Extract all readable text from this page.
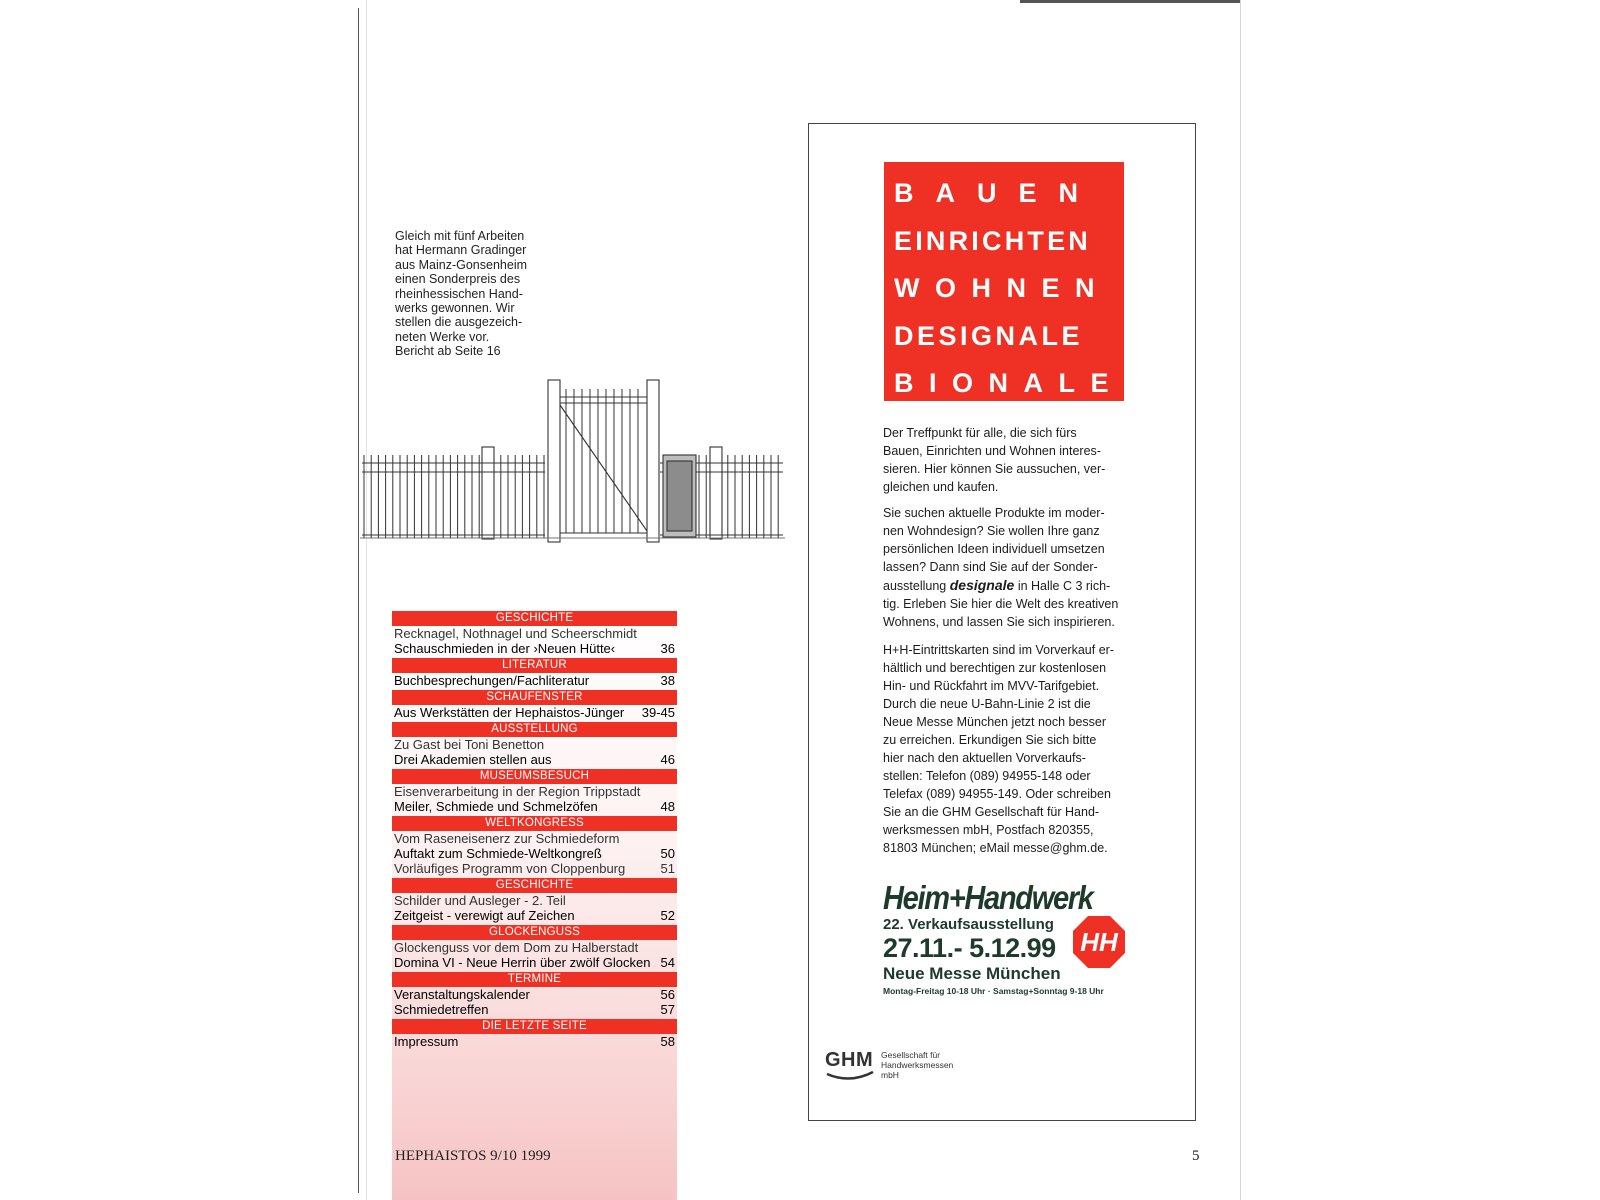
Gleich mit fünf Arbeiten
hat Hermann Gradinger
aus Mainz-Gonsenheim
einen Sonderpreis des
rheinhessischen Hand-
werks gewonnen. Wir
stellen die ausgezeich-
neten Werke vor.
Bericht ab Seite 16
GESCHICHTE
Recknagel, Nothnagel und Scheerschmidt
Schauschmieden in der ›Neuen Hütte‹	36
LITERATUR
Buchbesprechungen/Fachliteratur	38
SCHAUFENSTER
Aus Werkstätten der Hephaistos-Jünger 39-45
AUSSTELLUNG
Zu Gast bei Toni Benetton
Drei Akademien stellen aus	46
MUSEUMSBESUCH
Eisenverarbeitung in der Region Trippstadt
Meiler, Schmiede und Schmelzöfen	48
WELTKONGRESS
Vom Raseneisenerz zur Schmiedeform
Auftakt zum Schmiede-Weltkongreß	50
Vorläufiges Programm von Cloppenburg	51
GESCHICHTE
Schilder und Ausleger - 2. Teil
Zeitgeist - verewigt auf Zeichen	52
GLOCKENGUSS
Glockenguss vor dem Dom zu Halberstadt
Domina VI - Neue Herrin über zwölf Glocken 54
TERMINE
Veranstaltungskalender	56
Schmiedetreffen	57
DIE LETZTE SEITE
Impressum	58
HEPHAISTOS 9/10 1999
BAUEN
EINRICHTEN
WOHNEN
DESIGNALE
BIONALE
Der Treffpunkt für alle, die sich fürs
Bauen, Einrichten und Wohnen interes-
sieren. Hier können Sie aussuchen, ver-
gleichen und kaufen.
Sie suchen aktuelle Produkte im moder-
nen Wohndesign? Sie wollen Ihre ganz
persönlichen Ideen individuell umsetzen
lassen? Dann sind Sie auf der Sonder-
ausstellung designale in Halle C 3 rich-
tig. Erleben Sie hier die Welt des kreativen
Wohnens, und lassen Sie sich inspirieren.
H+H-Eintrittskarten sind im Vorverkauf er-
hältlich und berechtigen zur kostenlosen
Hin- und Rückfahrt im MVV-Tarifgebiet.
Durch die neue U-Bahn-Linie 2 ist die
Neue Messe München jetzt noch besser
zu erreichen. Erkundigen Sie sich bitte
hier nach den aktuellen Vorverkaufs-
stellen: Telefon (089) 94955-148 oder
Telefax (089) 94955-149. Oder schreiben
Sie an die GHM Gesellschaft für Hand-
werksmessen mbH, Postfach 820355,
81803 München; eMail messe@ghm.de.
Heim+Handwerk
22. Verkaufsausstellung
27.11.- 5.12.99
Neue Messe München
Montag-Freitag 10-18 Uhr · Samstag+Sonntag 9-18 Uhr
HH
GHM Gesellschaft für
Handwerksmessen
mbH
5
